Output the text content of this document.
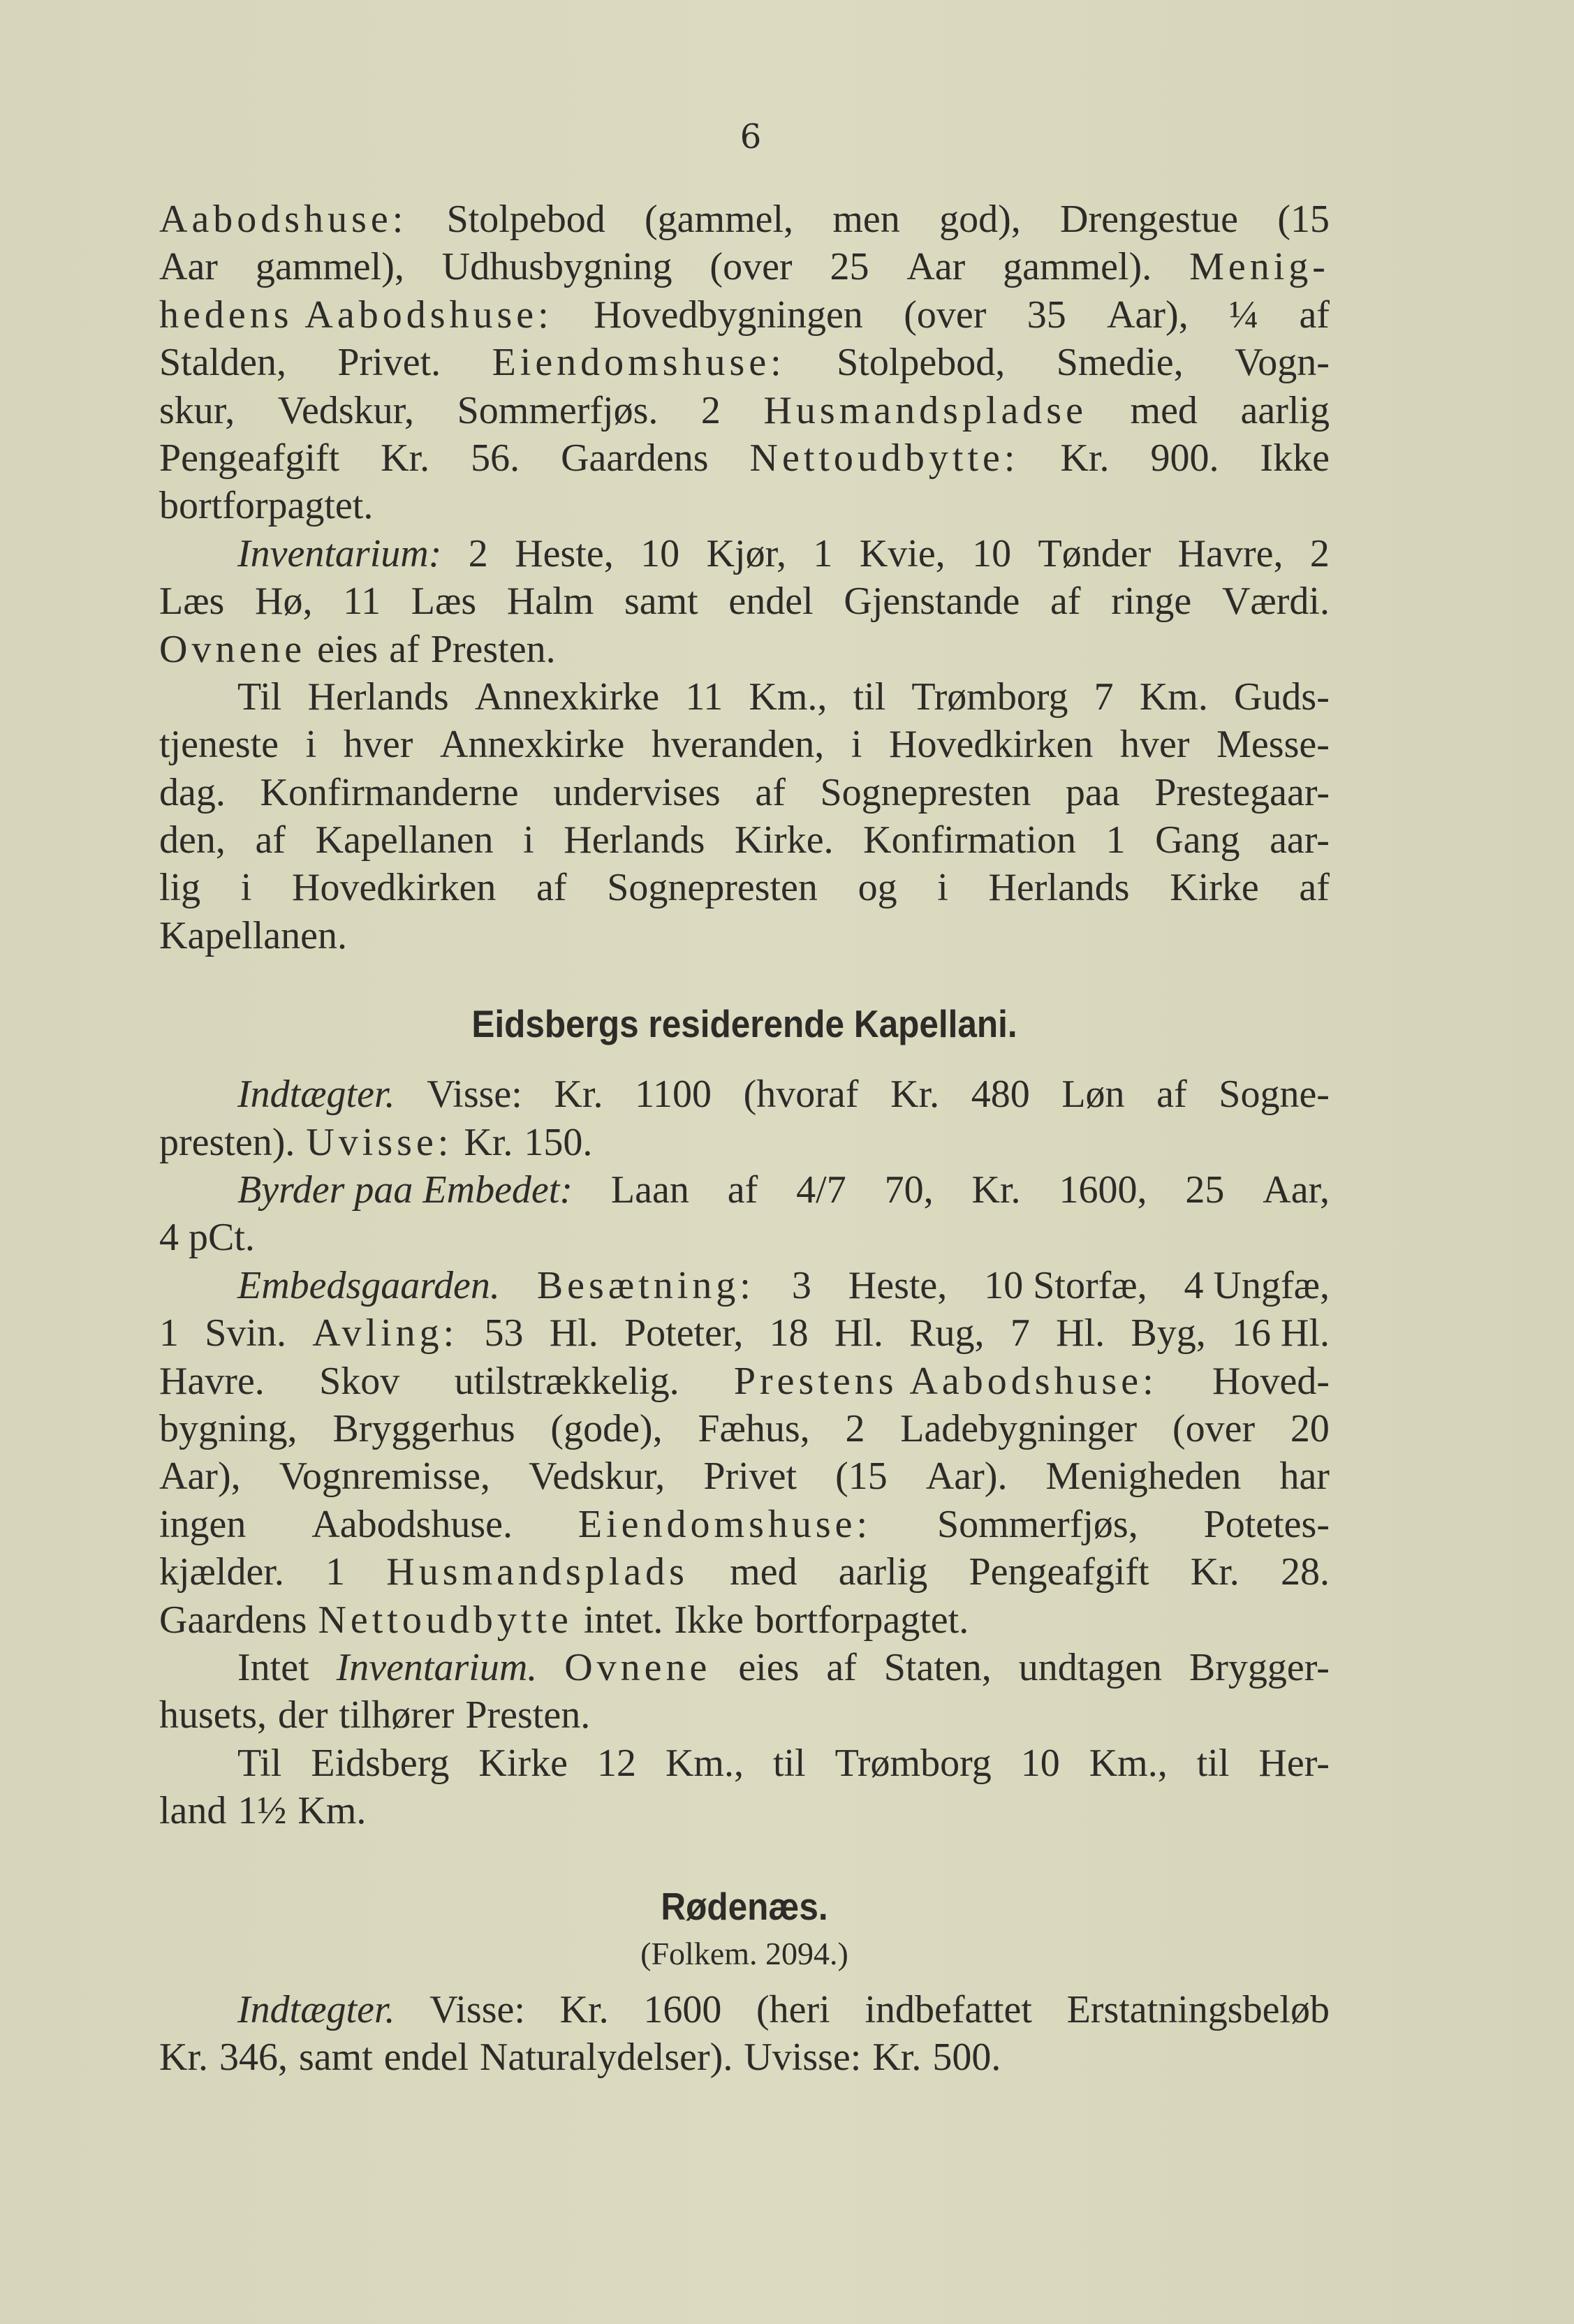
6
Aabodshuse: Stolpebod (gammel, men god), Drengestue (15
Aar gammel), Udhusbygning (over 25 Aar gammel). Menig-
hedens Aabodshuse: Hovedbygningen (over 35 Aar), ¼ af
Stalden, Privet. Eiendomshuse: Stolpebod, Smedie, Vogn-
skur, Vedskur, Sommerfjøs. 2 Husmandspladse med aarlig
Pengeafgift Kr. 56. Gaardens Nettoudbytte: Kr. 900. Ikke
bortforpagtet.
Inventarium: 2 Heste, 10 Kjør, 1 Kvie, 10 Tønder Havre, 2
Læs Hø, 11 Læs Halm samt endel Gjenstande af ringe Værdi.
Ovnene eies af Presten.
Til Herlands Annexkirke 11 Km., til Trømborg 7 Km. Guds-
tjeneste i hver Annexkirke hveranden, i Hovedkirken hver Messe-
dag. Konfirmanderne undervises af Sognepresten paa Prestegaar-
den, af Kapellanen i Herlands Kirke. Konfirmation 1 Gang aar-
lig i Hovedkirken af Sognepresten og i Herlands Kirke af
Kapellanen.
Eidsbergs residerende Kapellani.
Indtægter. Visse: Kr. 1100 (hvoraf Kr. 480 Løn af Sogne-
presten). Uvisse: Kr. 150.
Byrder paa Embedet: Laan af 4/7 70, Kr. 1600, 25 Aar,
4 pCt.
Embedsgaarden. Besætning: 3 Heste, 10 Storfæ, 4 Ungfæ,
1 Svin. Avling: 53 Hl. Poteter, 18 Hl. Rug, 7 Hl. Byg, 16 Hl.
Havre. Skov utilstrækkelig. Prestens Aabodshuse: Hoved-
bygning, Bryggerhus (gode), Fæhus, 2 Ladebygninger (over 20
Aar), Vognremisse, Vedskur, Privet (15 Aar). Menigheden har
ingen Aabodshuse. Eiendomshuse: Sommerfjøs, Potetes-
kjælder. 1 Husmandsplads med aarlig Pengeafgift Kr. 28.
Gaardens Nettoudbytte intet. Ikke bortforpagtet.
Intet Inventarium. Ovnene eies af Staten, undtagen Brygger-
husets, der tilhører Presten.
Til Eidsberg Kirke 12 Km., til Trømborg 10 Km., til Her-
land 1½ Km.
Rødenæs.
(Folkem. 2094.)
Indtægter. Visse: Kr. 1600 (heri indbefattet Erstatningsbeløb
Kr. 346, samt endel Naturalydelser). Uvisse: Kr. 500.
